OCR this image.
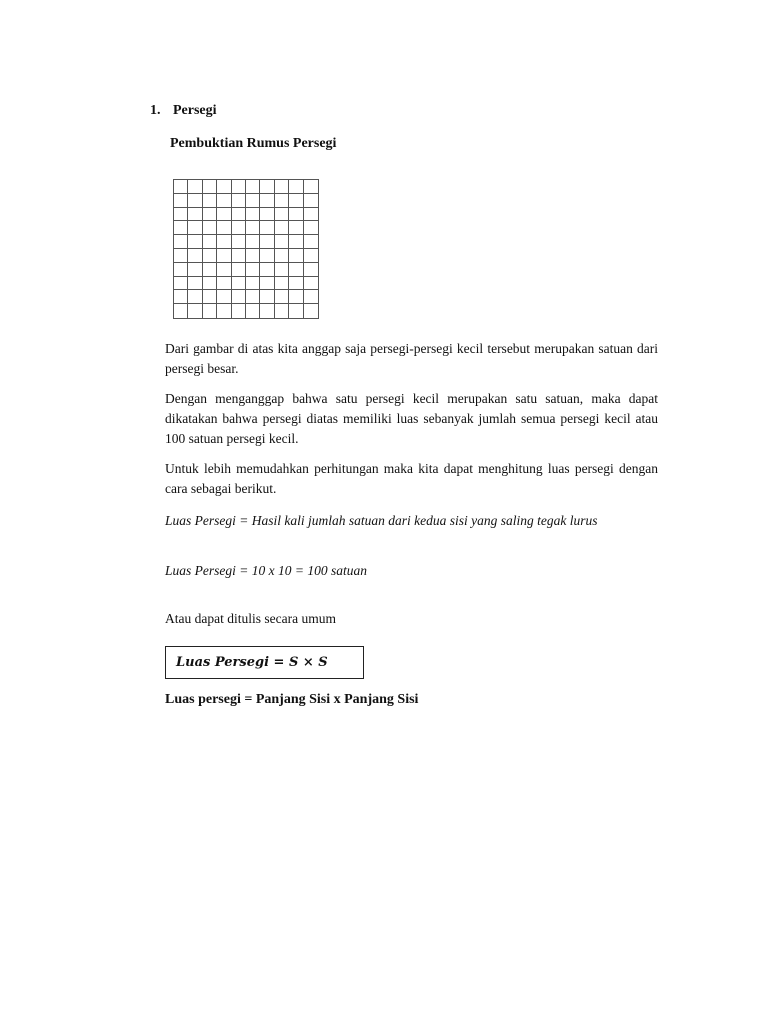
1. Persegi
Pembuktian Rumus Persegi

Dari gambar di atas kita anggap saja persegi-persegi kecil tersebut merupakan satuan dari persegi besar.

Dengan menganggap bahwa satu persegi kecil merupakan satu satuan, maka dapat dikatakan bahwa persegi diatas memiliki luas sebanyak jumlah semua persegi kecil atau 100 satuan persegi kecil.

Untuk lebih memudahkan perhitungan maka kita dapat menghitung luas persegi dengan cara sebagai berikut.

Luas Persegi = Hasil kali jumlah satuan dari kedua sisi yang saling tegak lurus

Luas Persegi = 10 x 10 = 100 satuan

Atau dapat ditulis secara umum

Luas Persegi = S × S
Luas persegi = Panjang Sisi x Panjang Sisi
